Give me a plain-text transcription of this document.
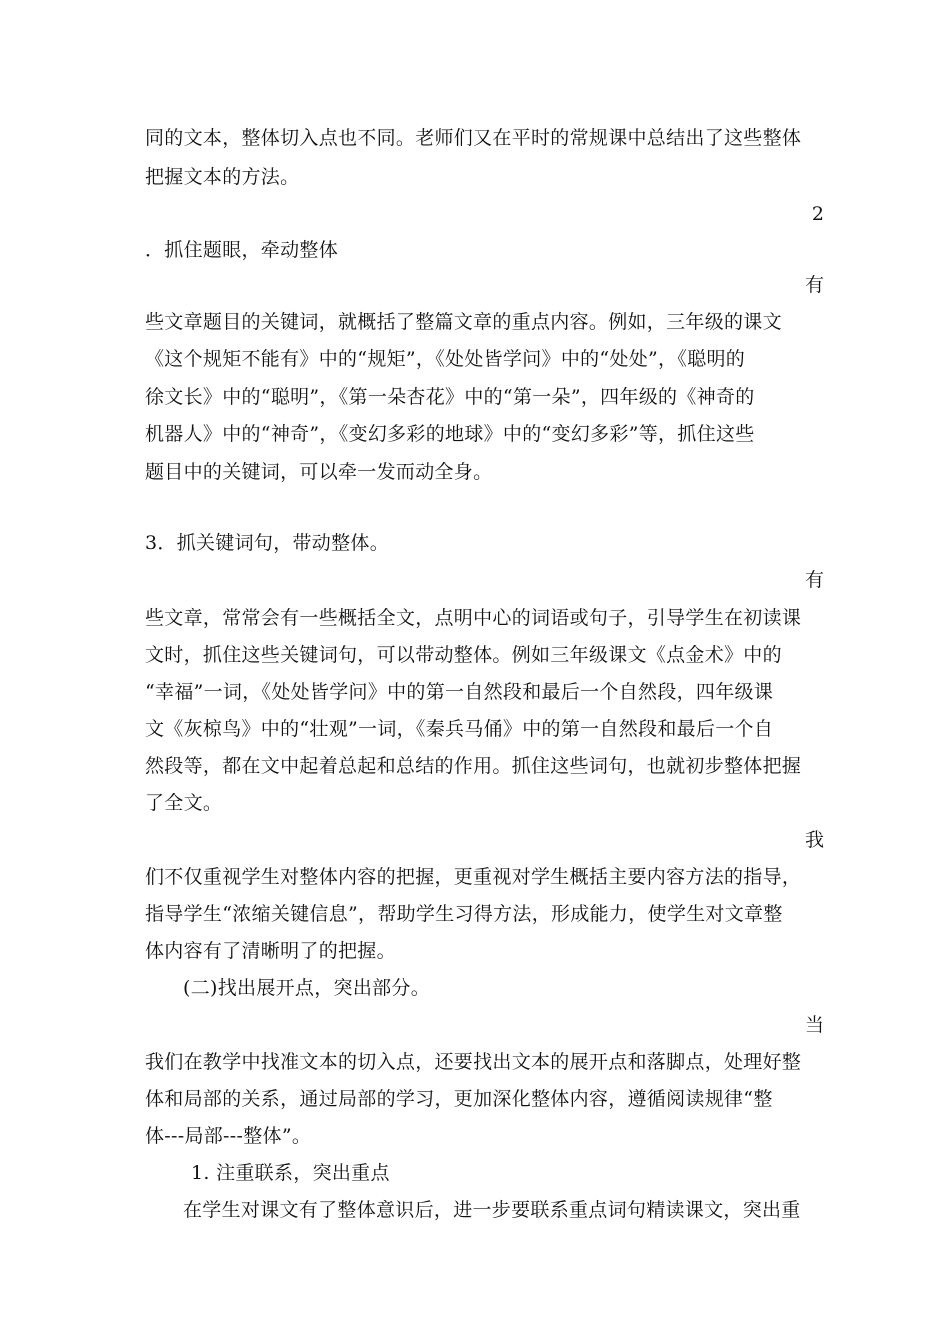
同的文本，整体切入点也不同。老师们又在平时的常规课中总结出了这些整体
把握文本的方法。
2
．抓住题眼，牵动整体
有
些文章题目的关键词，就概括了整篇文章的重点内容。例如，三年级的课文
《这个规矩不能有》中的“规矩”，《处处皆学问》中的“处处”，《聪明的
徐文长》中的“聪明”，《第一朵杏花》中的“第一朵”，四年级的《神奇的
机器人》中的“神奇”，《变幻多彩的地球》中的“变幻多彩”等，抓住这些
题目中的关键词，可以牵一发而动全身。
3．抓关键词句，带动整体。
有
些文章，常常会有一些概括全文，点明中心的词语或句子，引导学生在初读课
文时，抓住这些关键词句，可以带动整体。例如三年级课文《点金术》中的
“幸福”一词，《处处皆学问》中的第一自然段和最后一个自然段，四年级课
文《灰椋鸟》中的“壮观”一词，《秦兵马俑》中的第一自然段和最后一个自
然段等，都在文中起着总起和总结的作用。抓住这些词句，也就初步整体把握
了全文。
我
们不仅重视学生对整体内容的把握，更重视对学生概括主要内容方法的指导，
指导学生“浓缩关键信息”，帮助学生习得方法，形成能力，使学生对文章整
体内容有了清晰明了的把握。
(二)找出展开点，突出部分。
当
我们在教学中找准文本的切入点，还要找出文本的展开点和落脚点，处理好整
体和局部的关系，通过局部的学习，更加深化整体内容，遵循阅读规律“整
体---局部---整体”。
1. 注重联系，突出重点
在学生对课文有了整体意识后，进一步要联系重点词句精读课文，突出重
